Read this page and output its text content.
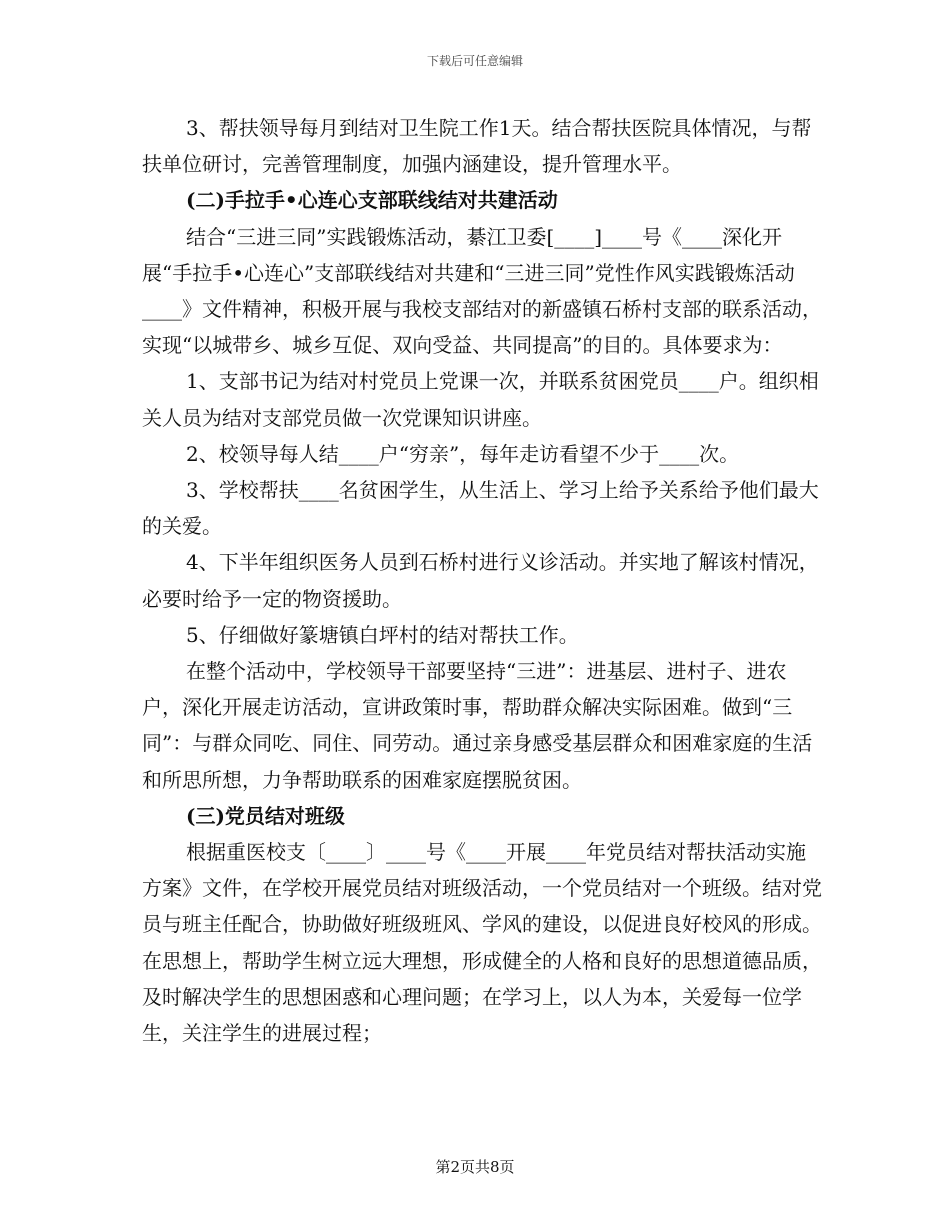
下载后可任意编辑

3、帮扶领导每月到结对卫生院工作1天。结合帮扶医院具体情况，与帮扶单位研讨，完善管理制度，加强内涵建设，提升管理水平。

(二)手拉手•心连心支部联线结对共建活动

结合“三进三同”实践锻炼活动，綦江卫委[____]____号《____深化开展“手拉手•心连心”支部联线结对共建和“三进三同”党性作风实践锻炼活动____》文件精神，积极开展与我校支部结对的新盛镇石桥村支部的联系活动，实现“以城带乡、城乡互促、双向受益、共同提高”的目的。具体要求为：

1、支部书记为结对村党员上党课一次，并联系贫困党员____户。组织相关人员为结对支部党员做一次党课知识讲座。

2、校领导每人结____户“穷亲”，每年走访看望不少于____次。

3、学校帮扶____名贫困学生，从生活上、学习上给予关系给予他们最大的关爱。

4、下半年组织医务人员到石桥村进行义诊活动。并实地了解该村情况，必要时给予一定的物资援助。

5、仔细做好篆塘镇白坪村的结对帮扶工作。

在整个活动中，学校领导干部要坚持“三进”：进基层、进村子、进农户，深化开展走访活动，宣讲政策时事，帮助群众解决实际困难。做到“三同”：与群众同吃、同住、同劳动。通过亲身感受基层群众和困难家庭的生活和所思所想，力争帮助联系的困难家庭摆脱贫困。

(三)党员结对班级

根据重医校支〔____〕____号《____开展____年党员结对帮扶活动实施方案》文件，在学校开展党员结对班级活动，一个党员结对一个班级。结对党员与班主任配合，协助做好班级班风、学风的建设，以促进良好校风的形成。在思想上，帮助学生树立远大理想，形成健全的人格和良好的思想道德品质，及时解决学生的思想困惑和心理问题；在学习上，以人为本，关爱每一位学生，关注学生的进展过程；

第2页共8页
